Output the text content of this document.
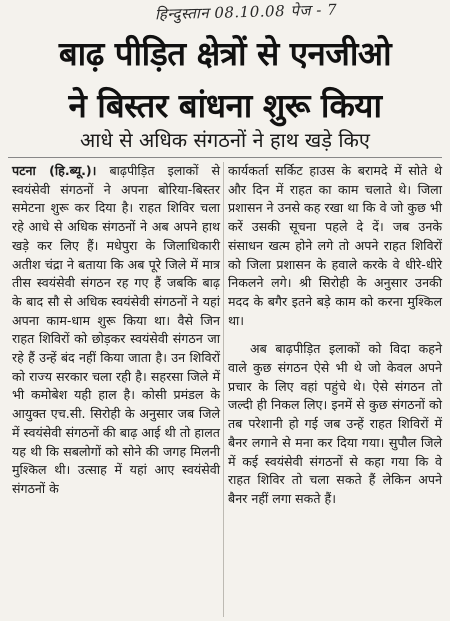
हिन्दुस्तान 08.10.08 पेज - 7
बाढ़ पीड़ित क्षेत्रों से एनजीओ
ने बिस्तर बांधना शुरू किया
आधे से अधिक संगठनों ने हाथ खड़े किए

पटना (हि.ब्यू.)। बाढ़पीड़ित इलाकों से स्वयंसेवी संगठनों ने अपना बोरिया-बिस्तर समेटना शुरू कर दिया है। राहत शिविर चला रहे आधे से अधिक संगठनों ने अब अपने हाथ खड़े कर लिए हैं। मधेपुरा के जिलाधिकारी अतीश चंद्रा ने बताया कि अब पूरे जिले में मात्र तीस स्वयंसेवी संगठन रह गए हैं जबकि बाढ़ के बाद सौ से अधिक स्वयंसेवी संगठनों ने यहां अपना काम-धाम शुरू किया था। वैसे जिन राहत शिविरों को छोड़कर स्वयंसेवी संगठन जा रहे हैं उन्हें बंद नहीं किया जाता है। उन शिविरों को राज्य सरकार चला रही है। सहरसा जिले में भी कमोबेश यही हाल है। कोसी प्रमंडल के आयुक्त एच.सी. सिरोही के अनुसार जब जिले में स्वयंसेवी संगठनों की बाढ़ आई थी तो हालत यह थी कि सबलोगों को सोने की जगह मिलनी मुश्किल थी। उत्साह में यहां आए स्वयंसेवी संगठनों के

कार्यकर्ता सर्किट हाउस के बरामदे में सोते थे और दिन में राहत का काम चलाते थे। जिला प्रशासन ने उनसे कह रखा था कि वे जो कुछ भी करें उसकी सूचना पहले दे दें। जब उनके संसाधन खत्म होने लगे तो अपने राहत शिविरों को जिला प्रशासन के हवाले करके वे धीरे-धीरे निकलने लगे। श्री सिरोही के अनुसार उनकी मदद के बगैर इतने बड़े काम को करना मुश्किल था।

अब बाढ़पीड़ित इलाकों को विदा कहने वाले कुछ संगठन ऐसे भी थे जो केवल अपने प्रचार के लिए वहां पहुंचे थे। ऐसे संगठन तो जल्दी ही निकल लिए। इनमें से कुछ संगठनों को तब परेशानी हो गई जब उन्हें राहत शिविरों में बैनर लगाने से मना कर दिया गया। सुपौल जिले में कई स्वयंसेवी संगठनों से कहा गया कि वे राहत शिविर तो चला सकते हैं लेकिन अपने बैनर नहीं लगा सकते हैं।
